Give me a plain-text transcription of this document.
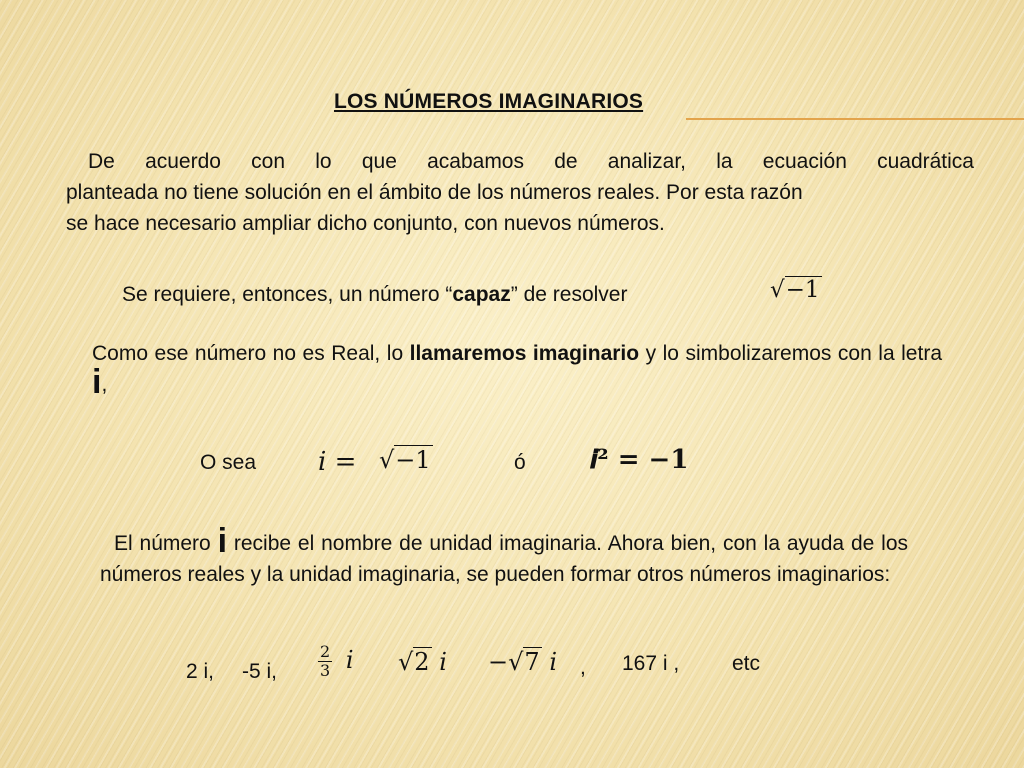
LOS NÚMEROS IMAGINARIOS
De acuerdo con lo que acabamos de analizar, la ecuación cuadrática
planteada no tiene solución en el ámbito de los números reales. Por esta razón
se hace necesario ampliar dicho conjunto, con nuevos números.
Se requiere, entonces, un número “capaz” de resolver	√−1
Como ese número no es Real, lo llamaremos imaginario y lo simbolizaremos con la letra i,
O sea 𝑖 = √−1	ó 𝒊² = −𝟏
El número i recibe el nombre de unidad imaginaria. Ahora bien, con la ayuda de los números reales y la unidad imaginaria, se pueden formar otros números imaginarios:
2 i, -5 i,	$\frac{2}{3}$ 𝑖 √2 𝑖 −√7 𝑖 , 167 i ,	etc
